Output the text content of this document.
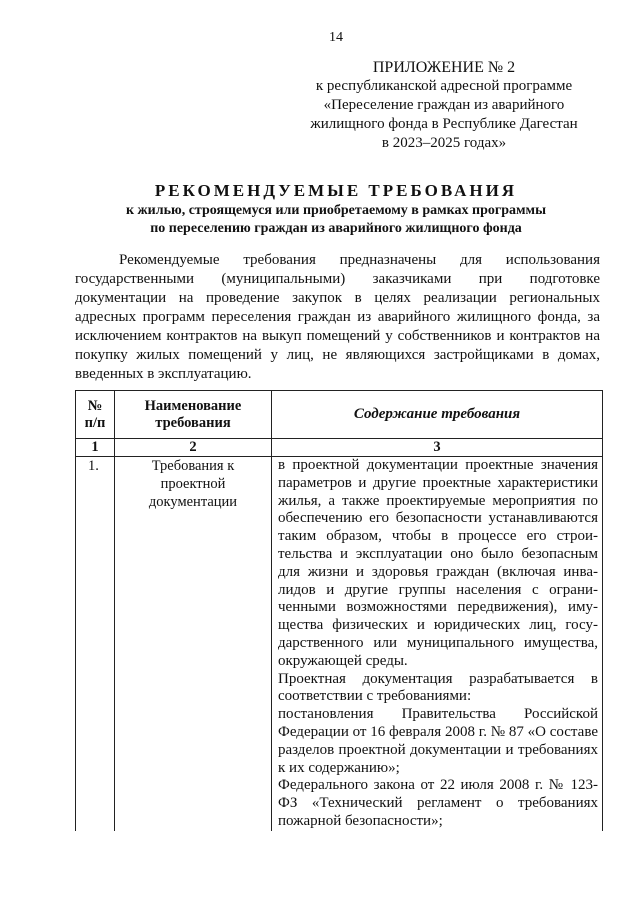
14
ПРИЛОЖЕНИЕ № 2
к республиканской адресной программе
«Переселение граждан из аварийного
жилищного фонда в Республике Дагестан
в 2023–2025 годах»
РЕКОМЕНДУЕМЫЕ ТРЕБОВАНИЯ
к жилью, строящемуся или приобретаемому в рамках программы
по переселению граждан из аварийного жилищного фонда

Рекомендуемые требования предназначены для использования государственными (муниципальными) заказчиками при подготовке документации на проведение закупок в целях реализации региональных адресных программ переселения граждан из аварийного жилищного фонда, за исключением контрактов на выкуп помещений у собственников и контрактов на покупку жилых помещений у лиц, не являющихся застройщиками в домах, введенных в эксплуатацию.

№ п/п	Наименование требования	Содержание требования
1	2	3
1.	Требования к проектной документации	в проектной документации проектные значения параметров и другие проектные характеристики жилья, а также проектируемые мероприятия по обеспечению его безопасности устанавливаются таким образом, чтобы в процессе его строи- тельства и эксплуатации оно было безопасным для жизни и здоровья граждан (включая инва- лидов и другие группы населения с ограни- ченными возможностями передвижения), иму- щества физических и юридических лиц, госу- дарственного или муниципального имущества, окружающей среды.

Проектная документация разрабатывается в соответствии с требованиями:

постановления Правительства Российской Федерации от 16 февраля 2008 г. № 87 «О составе разделов проектной документации и требованиях к их содержанию»;

Федерального закона от 22 июля 2008 г. № 123-ФЗ «Технический регламент о требованиях пожарной безопасности»;
